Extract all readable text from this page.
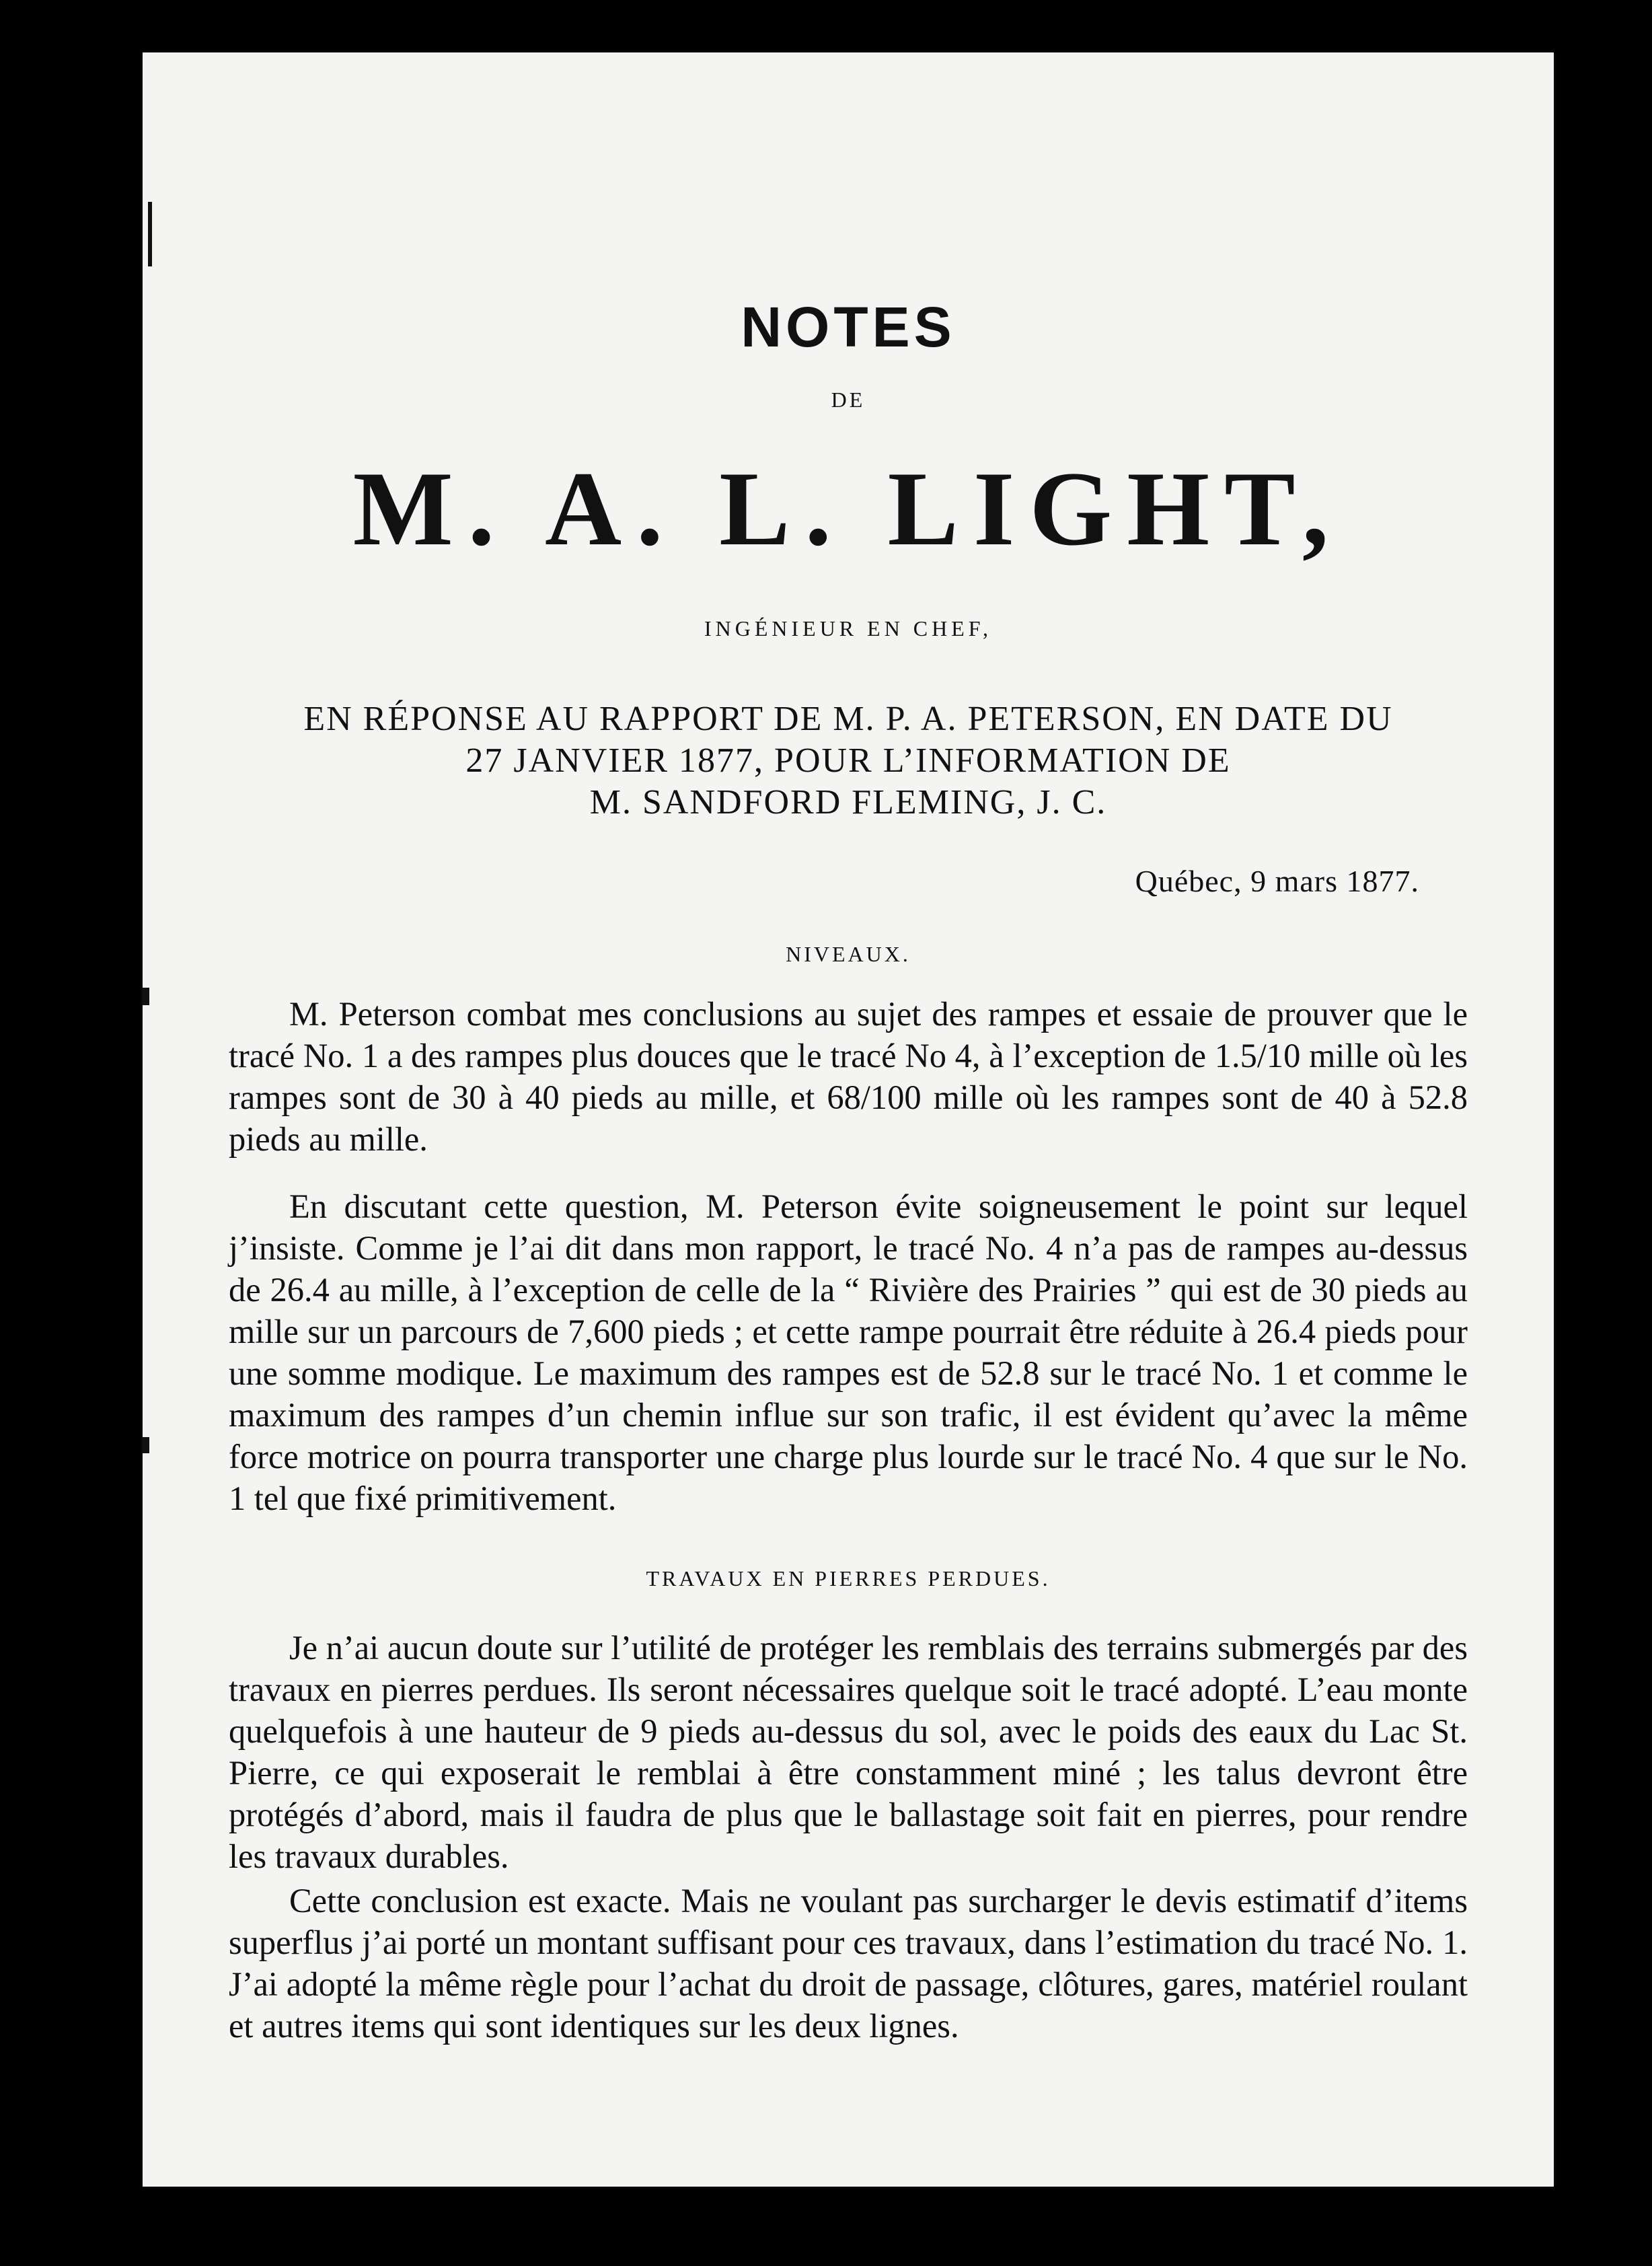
NOTES
DE
M. A. L. LIGHT,
INGÉNIEUR EN CHEF,
EN RÉPONSE AU RAPPORT DE M. P. A. PETERSON, EN DATE DU
27 JANVIER 1877, POUR L’INFORMATION DE
M. SANDFORD FLEMING, J. C.
Québec, 9 mars 1877.
NIVEAUX.

M. Peterson combat mes conclusions au sujet des rampes et essaie de prouver que le tracé No. 1 a des rampes plus douces que le tracé No 4, à l’exception de 1.5/10 mille où les rampes sont de 30 à 40 pieds au mille, et 68/100 mille où les rampes sont de 40 à 52.8 pieds au mille.

En discutant cette question, M. Peterson évite soigneusement le point sur lequel j’insiste. Comme je l’ai dit dans mon rapport, le tracé No. 4 n’a pas de rampes au-dessus de 26.4 au mille, à l’exception de celle de la “ Rivière des Prairies ” qui est de 30 pieds au mille sur un parcours de 7,600 pieds ; et cette rampe pourrait être réduite à 26.4 pieds pour une somme modique. Le maximum des rampes est de 52.8 sur le tracé No. 1 et comme le maximum des rampes d’un chemin influe sur son trafic, il est évident qu’avec la même force motrice on pourra transporter une charge plus lourde sur le tracé No. 4 que sur le No. 1 tel que fixé primitivement.

TRAVAUX EN PIERRES PERDUES.

Je n’ai aucun doute sur l’utilité de protéger les remblais des terrains submergés par des travaux en pierres perdues. Ils seront nécessaires quelque soit le tracé adopté. L’eau monte quelquefois à une hauteur de 9 pieds au-dessus du sol, avec le poids des eaux du Lac St. Pierre, ce qui exposerait le remblai à être constamment miné ; les talus devront être protégés d’abord, mais il faudra de plus que le ballastage soit fait en pierres, pour rendre les travaux durables.

Cette conclusion est exacte. Mais ne voulant pas surcharger le devis estimatif d’items superflus j’ai porté un montant suffisant pour ces travaux, dans l’estimation du tracé No. 1. J’ai adopté la même règle pour l’achat du droit de passage, clôtures, gares, matériel roulant et autres items qui sont identiques sur les deux lignes.
